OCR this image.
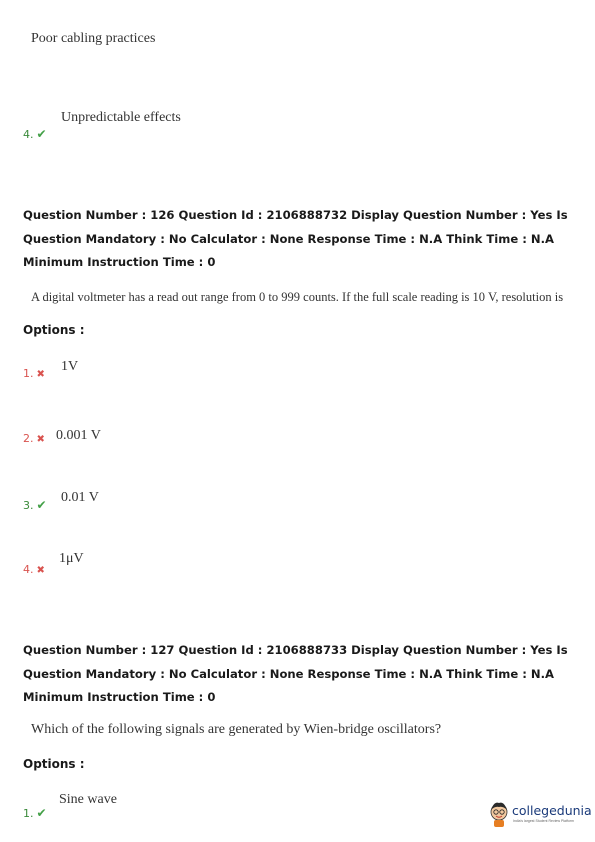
Poor cabling practices
Unpredictable effects
4. ✔
Question Number : 126 Question Id : 2106888732 Display Question Number : Yes Is Question Mandatory : No Calculator : None Response Time : N.A Think Time : N.A Minimum Instruction Time : 0
A digital voltmeter has a read out range from 0 to 999 counts. If the full scale reading is 10 V, resolution is
Options :
1. ✖
1V
2. ✖ 0.001 V
3. ✔ 0.01 V
4. ✖
1μV
Question Number : 127 Question Id : 2106888733 Display Question Number : Yes Is Question Mandatory : No Calculator : None Response Time : N.A Think Time : N.A Minimum Instruction Time : 0
Which of the following signals are generated by Wien-bridge oscillators?
Options :
1. ✔
Sine wave
collegedunia
India's largest Student Review Platform
